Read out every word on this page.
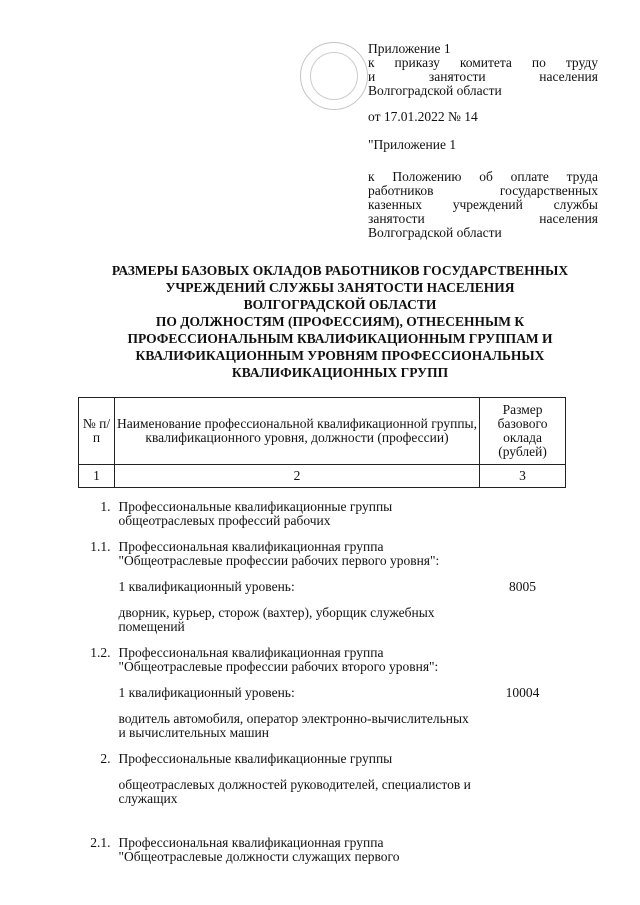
Приложение 1

к приказу комитета по труду

и занятости населения

Волгоградской области

от 17.01.2022 № 14

"Приложение 1

к Положению об оплате труда

работников государственных

казенных учреждений службы

занятости населения

Волгоградской области

РАЗМЕРЫ БАЗОВЫХ ОКЛАДОВ РАБОТНИКОВ ГОСУДАРСТВЕННЫХ

УЧРЕЖДЕНИЙ СЛУЖБЫ ЗАНЯТОСТИ НАСЕЛЕНИЯ

ВОЛГОГРАДСКОЙ ОБЛАСТИ

ПО ДОЛЖНОСТЯМ (ПРОФЕССИЯМ), ОТНЕСЕННЫМ К

ПРОФЕССИОНАЛЬНЫМ КВАЛИФИКАЦИОННЫМ ГРУППАМ И

КВАЛИФИКАЦИОННЫМ УРОВНЯМ ПРОФЕССИОНАЛЬНЫХ

КВАЛИФИКАЦИОННЫХ ГРУПП

№ п/п	Наименование профессиональной квалификационной группы, квалификационного уровня, должности (профессии)	Размер базового оклада (рублей)
1	2	3

1.	Профессиональные квалификационные группы общеотраслевых профессий рабочих	

1.1.	Профессиональная квалификационная группа "Общеотраслевые профессии рабочих первого уровня":	

	1 квалификационный уровень:	8005

	дворник, курьер, сторож (вахтер), уборщик служебных помещений	

1.2.	Профессиональная квалификационная группа "Общеотраслевые профессии рабочих второго уровня":	

	1 квалификационный уровень:	10004

	водитель автомобиля, оператор электронно-вычислительных и вычислительных машин	

2.	Профессиональные квалификационные группы	

	общеотраслевых должностей руководителей, специалистов и служащих	

2.1.	Профессиональная квалификационная группа "Общеотраслевые должности служащих первого	
